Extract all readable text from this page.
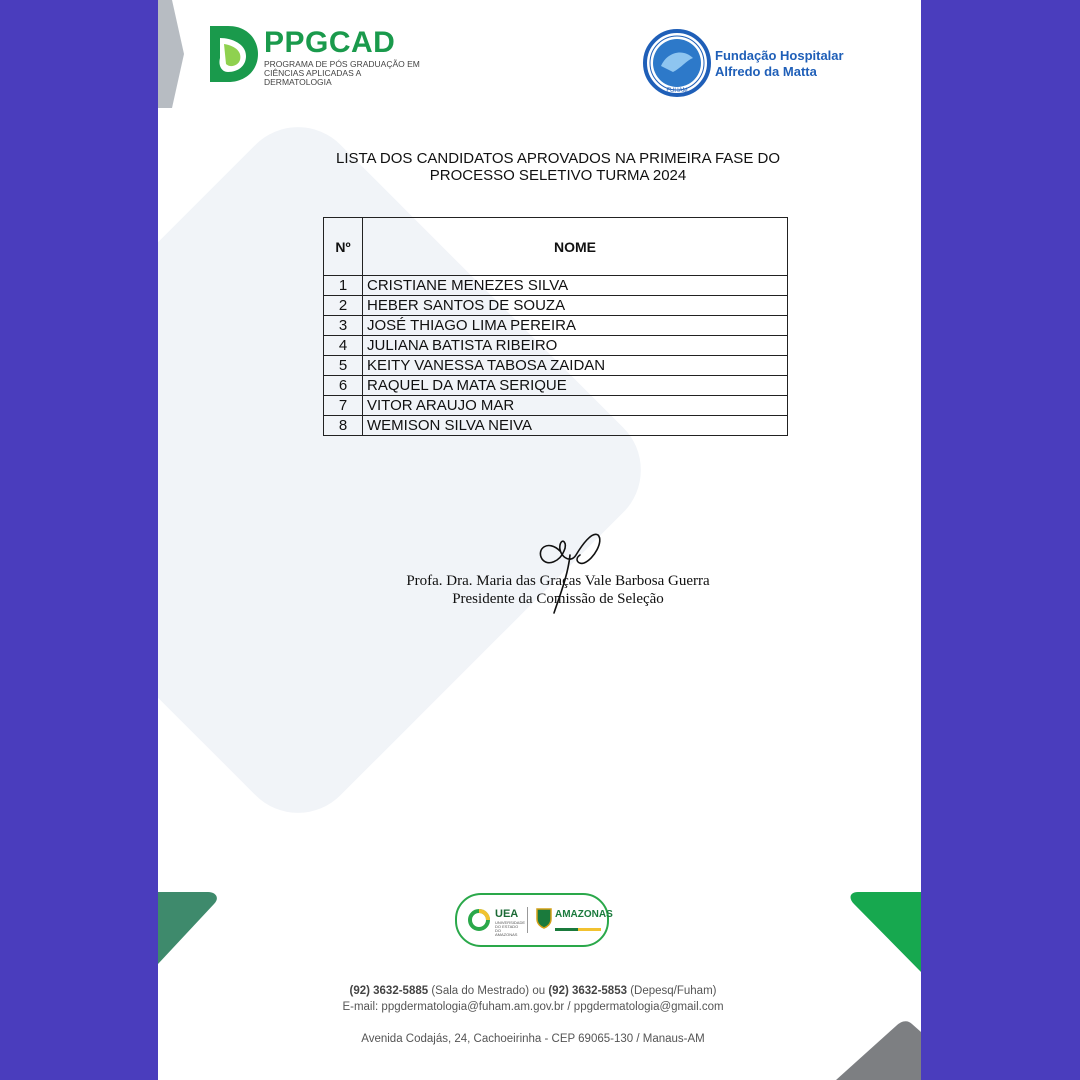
PPGCAD
PROGRAMA DE PÓS GRADUAÇÃO EM
CIÊNCIAS APLICADAS A DERMATOLOGIA
FUHAM
Fundação Hospitalar
Alfredo da Matta
LISTA DOS CANDIDATOS APROVADOS NA PRIMEIRA FASE DO
PROCESSO SELETIVO TURMA 2024
Nº	NOME
1	CRISTIANE MENEZES SILVA
2	HEBER SANTOS DE SOUZA
3	JOSÉ THIAGO LIMA PEREIRA
4	JULIANA BATISTA RIBEIRO
5	KEITY VANESSA TABOSA ZAIDAN
6	RAQUEL DA MATA SERIQUE
7	VITOR ARAUJO MAR
8	WEMISON SILVA NEIVA
Profa. Dra. Maria das Graças Vale Barbosa Guerra
Presidente da Comissão de Seleção
UEA
UNIVERSIDADE DO ESTADO DO AMAZONAS
AMAZONAS
(92) 3632-5885 (Sala do Mestrado) ou (92) 3632-5853 (Depesq/Fuham)
E-mail: ppgdermatologia@fuham.am.gov.br / ppgdermatologia@gmail.com
Avenida Codajás, 24, Cachoeirinha - CEP 69065-130 / Manaus-AM
